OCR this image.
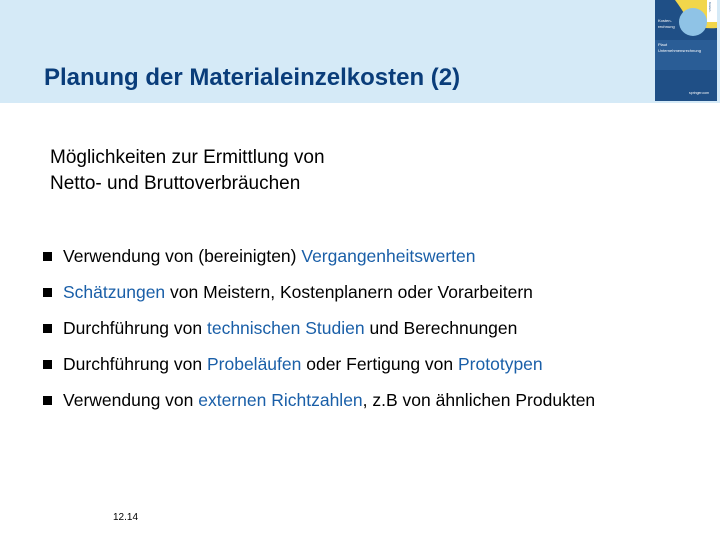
Planung der Materialeinzelkosten (2)
Kosten-
Kosten-
rechnung
Plaut
Unternehmensrechnung
springer.com
Möglichkeiten zur Ermittlung von
Netto- und Bruttoverbräuchen
Verwendung von (bereinigten) Vergangenheitswerten
Schätzungen von Meistern, Kostenplanern oder Vorarbeitern
Durchführung von technischen Studien und Berechnungen
Durchführung von Probeläufen oder Fertigung von Prototypen
Verwendung von externen Richtzahlen, z.B von ähnlichen Produkten
12.14
